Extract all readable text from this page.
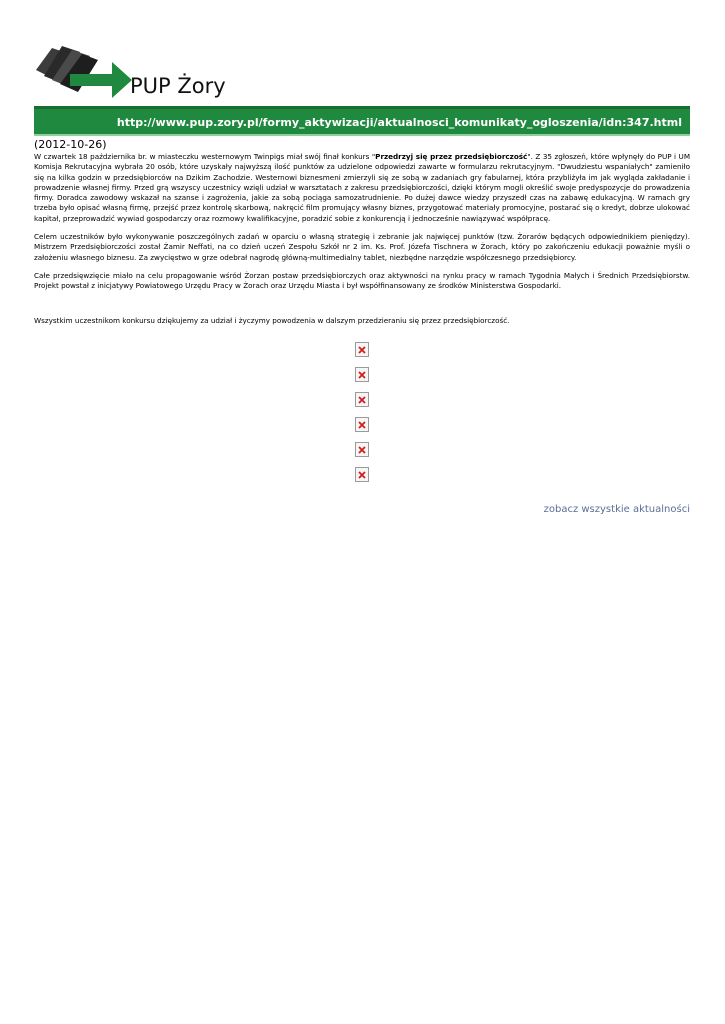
PUP Żory
http://www.pup.zory.pl/formy_aktywizacji/aktualnosci_komunikaty_ogloszenia/idn:347.html
(2012-10-26)

W czwartek 18 października br. w miasteczku westernowym Twinpigs miał swój finał konkurs "Przedrzyj się przez przedsiębiorczość". Z 35 zgłoszeń, które wpłynęły do PUP i UM Komisja Rekrutacyjna wybrała 20 osób, które uzyskały najwyższą ilość punktów za udzielone odpowiedzi zawarte w formularzu rekrutacyjnym. "Dwudziestu wspaniałych" zamieniło się na kilka godzin w przedsiębiorców na Dzikim Zachodzie. Westernowi biznesmeni zmierzyli się ze sobą w zadaniach gry fabularnej, która przybliżyła im jak wygląda zakładanie i prowadzenie własnej firmy. Przed grą wszyscy uczestnicy wzięli udział w warsztatach z zakresu przedsiębiorczości, dzięki którym mogli określić swoje predyspozycje do prowadzenia firmy. Doradca zawodowy wskazał na szanse i zagrożenia, jakie za sobą pociąga samozatrudnienie. Po dużej dawce wiedzy przyszedł czas na zabawę edukacyjną. W ramach gry trzeba było opisać własną firmę, przejść przez kontrolę skarbową, nakręcić film promujący własny biznes, przygotować materiały promocyjne, postarać się o kredyt, dobrze ulokować kapitał, przeprowadzić wywiad gospodarczy oraz rozmowy kwalifikacyjne, poradzić sobie z konkurencją i jednocześnie nawiązywać współpracę.

Celem uczestników było wykonywanie poszczególnych zadań w oparciu o własną strategię i zebranie jak najwięcej punktów (tzw. Żorarów będących odpowiednikiem pieniędzy). Mistrzem Przedsiębiorczości został Żamir Neffati, na co dzień uczeń Zespołu Szkół nr 2 im. Ks. Prof. Józefa Tischnera w Żorach, który po zakończeniu edukacji poważnie myśli o założeniu własnego biznesu. Za zwycięstwo w grze odebrał nagrodę główną-multimedialny tablet, niezbędne narzędzie współczesnego przedsiębiorcy.

Całe przedsięwzięcie miało na celu propagowanie wśród Żorzan postaw przedsiębiorczych oraz aktywności na rynku pracy w ramach Tygodnia Małych i Średnich Przedsiębiorstw. Projekt powstał z inicjatywy Powiatowego Urzędu Pracy w Żorach oraz Urzędu Miasta i był współfinansowany ze środków Ministerstwa Gospodarki.

Wszystkim uczestnikom konkursu dziękujemy za udział i życzymy powodzenia w dalszym przedzieraniu się przez przedsiębiorczość.

zobacz wszystkie aktualności
